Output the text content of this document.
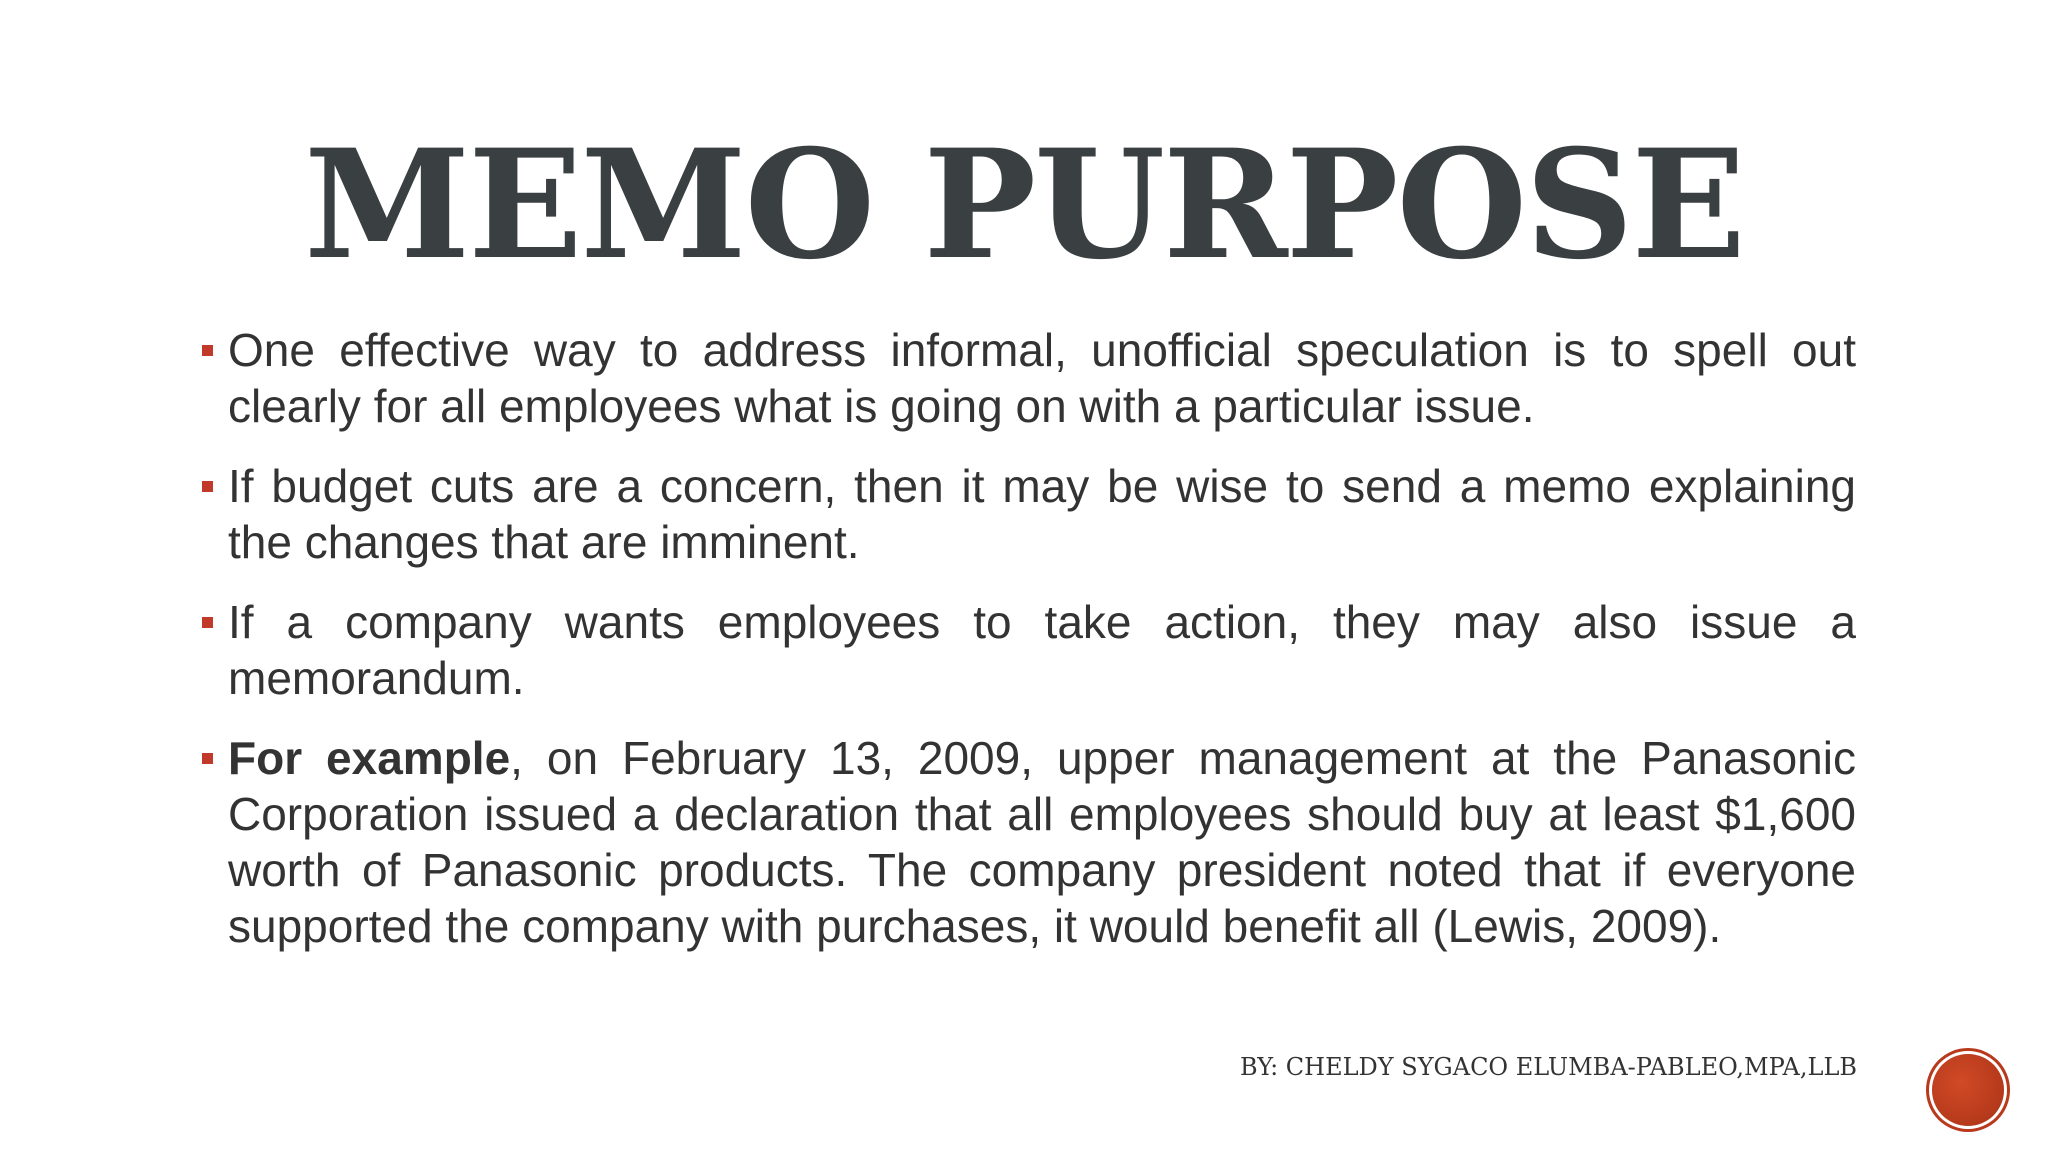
MEMO PURPOSE
One effective way to address informal, unofficial speculation is to spell out clearly for all employees what is going on with a particular issue.
If budget cuts are a concern, then it may be wise to send a memo explaining the changes that are imminent.
If a company wants employees to take action, they may also issue a memorandum.
For example, on February 13, 2009, upper management at the Panasonic Corporation issued a declaration that all employees should buy at least $1,600 worth of Panasonic products. The company president noted that if everyone supported the company with purchases, it would benefit all (Lewis, 2009).
BY: CHELDY SYGACO ELUMBA-PABLEO,MPA,LLB
